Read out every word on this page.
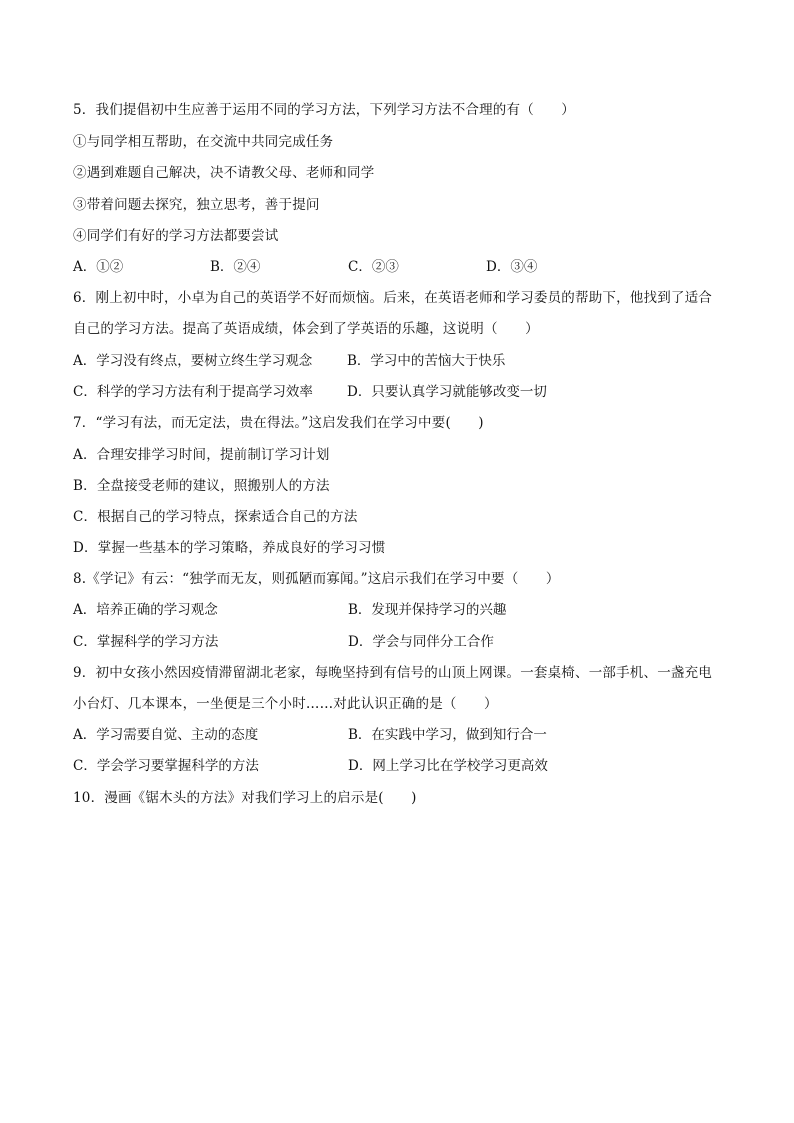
5．我们提倡初中生应善于运用不同的学习方法，下列学习方法不合理的有（　　）
①与同学相互帮助，在交流中共同完成任务
②遇到难题自己解决，决不请教父母、老师和同学
③带着问题去探究，独立思考，善于提问
④同学们有好的学习方法都要尝试
A．①②	B．②④	C．②③	D．③④
6．刚上初中时，小卓为自己的英语学不好而烦恼。后来，在英语老师和学习委员的帮助下，他找到了适合
自己的学习方法。提高了英语成绩，体会到了学英语的乐趣，这说明（　　）
A．学习没有终点，要树立终生学习观念	B．学习中的苦恼大于快乐
C．科学的学习方法有利于提高学习效率	D．只要认真学习就能够改变一切
7．“学习有法，而无定法，贵在得法。”这启发我们在学习中要(　　)
A．合理安排学习时间，提前制订学习计划
B．全盘接受老师的建议，照搬别人的方法
C．根据自己的学习特点，探索适合自己的方法
D．掌握一些基本的学习策略，养成良好的学习习惯
8.《学记》有云：“独学而无友，则孤陋而寡闻。”这启示我们在学习中要（　　）
A．培养正确的学习观念	B．发现并保持学习的兴趣
C．掌握科学的学习方法	D．学会与同伴分工合作
9．初中女孩小然因疫情滞留湖北老家，每晚坚持到有信号的山顶上网课。一套桌椅、一部手机、一盏充电
小台灯、几本课本，一坐便是三个小时……对此认识正确的是（　　）
A．学习需要自觉、主动的态度	B．在实践中学习，做到知行合一
C．学会学习要掌握科学的方法	D．网上学习比在学校学习更高效
10．漫画《锯木头的方法》对我们学习上的启示是(　　)
